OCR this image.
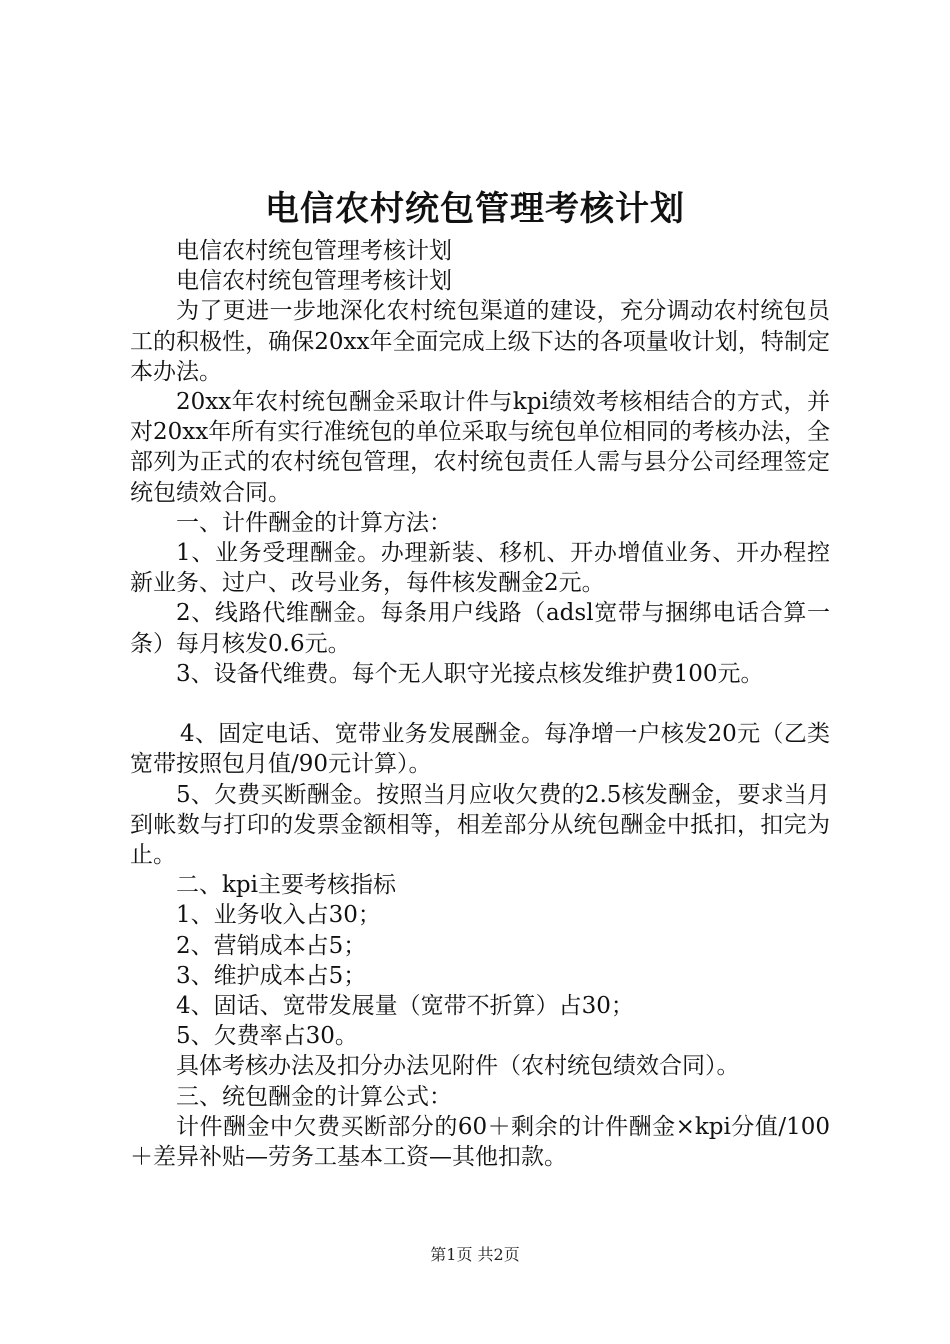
电信农村统包管理考核计划

电信农村统包管理考核计划

电信农村统包管理考核计划

为了更进一步地深化农村统包渠道的建设，充分调动农村统包员工的积极性，确保20xx年全面完成上级下达的各项量收计划，特制定本办法。

20xx年农村统包酬金采取计件与kpi绩效考核相结合的方式，并对20xx年所有实行准统包的单位采取与统包单位相同的考核办法，全部列为正式的农村统包管理，农村统包责任人需与县分公司经理签定统包绩效合同。

一、计件酬金的计算方法：

1、业务受理酬金。办理新装、移机、开办增值业务、开办程控新业务、过户、改号业务，每件核发酬金2元。

2、线路代维酬金。每条用户线路（adsl宽带与捆绑电话合算一条）每月核发0.6元。

3、设备代维费。每个无人职守光接点核发维护费100元。

4、固定电话、宽带业务发展酬金。每净增一户核发20元（乙类宽带按照包月值/90元计算）。

5、欠费买断酬金。按照当月应收欠费的2.5核发酬金，要求当月到帐数与打印的发票金额相等，相差部分从统包酬金中抵扣，扣完为止。

二、kpi主要考核指标

1、业务收入占30；

2、营销成本占5；

3、维护成本占5；

4、固话、宽带发展量（宽带不折算）占30；

5、欠费率占30。

具体考核办法及扣分办法见附件（农村统包绩效合同）。

三、统包酬金的计算公式：

计件酬金中欠费买断部分的60＋剩余的计件酬金×kpi分值/100＋差异补贴—劳务工基本工资—其他扣款。

第1页 共2页
